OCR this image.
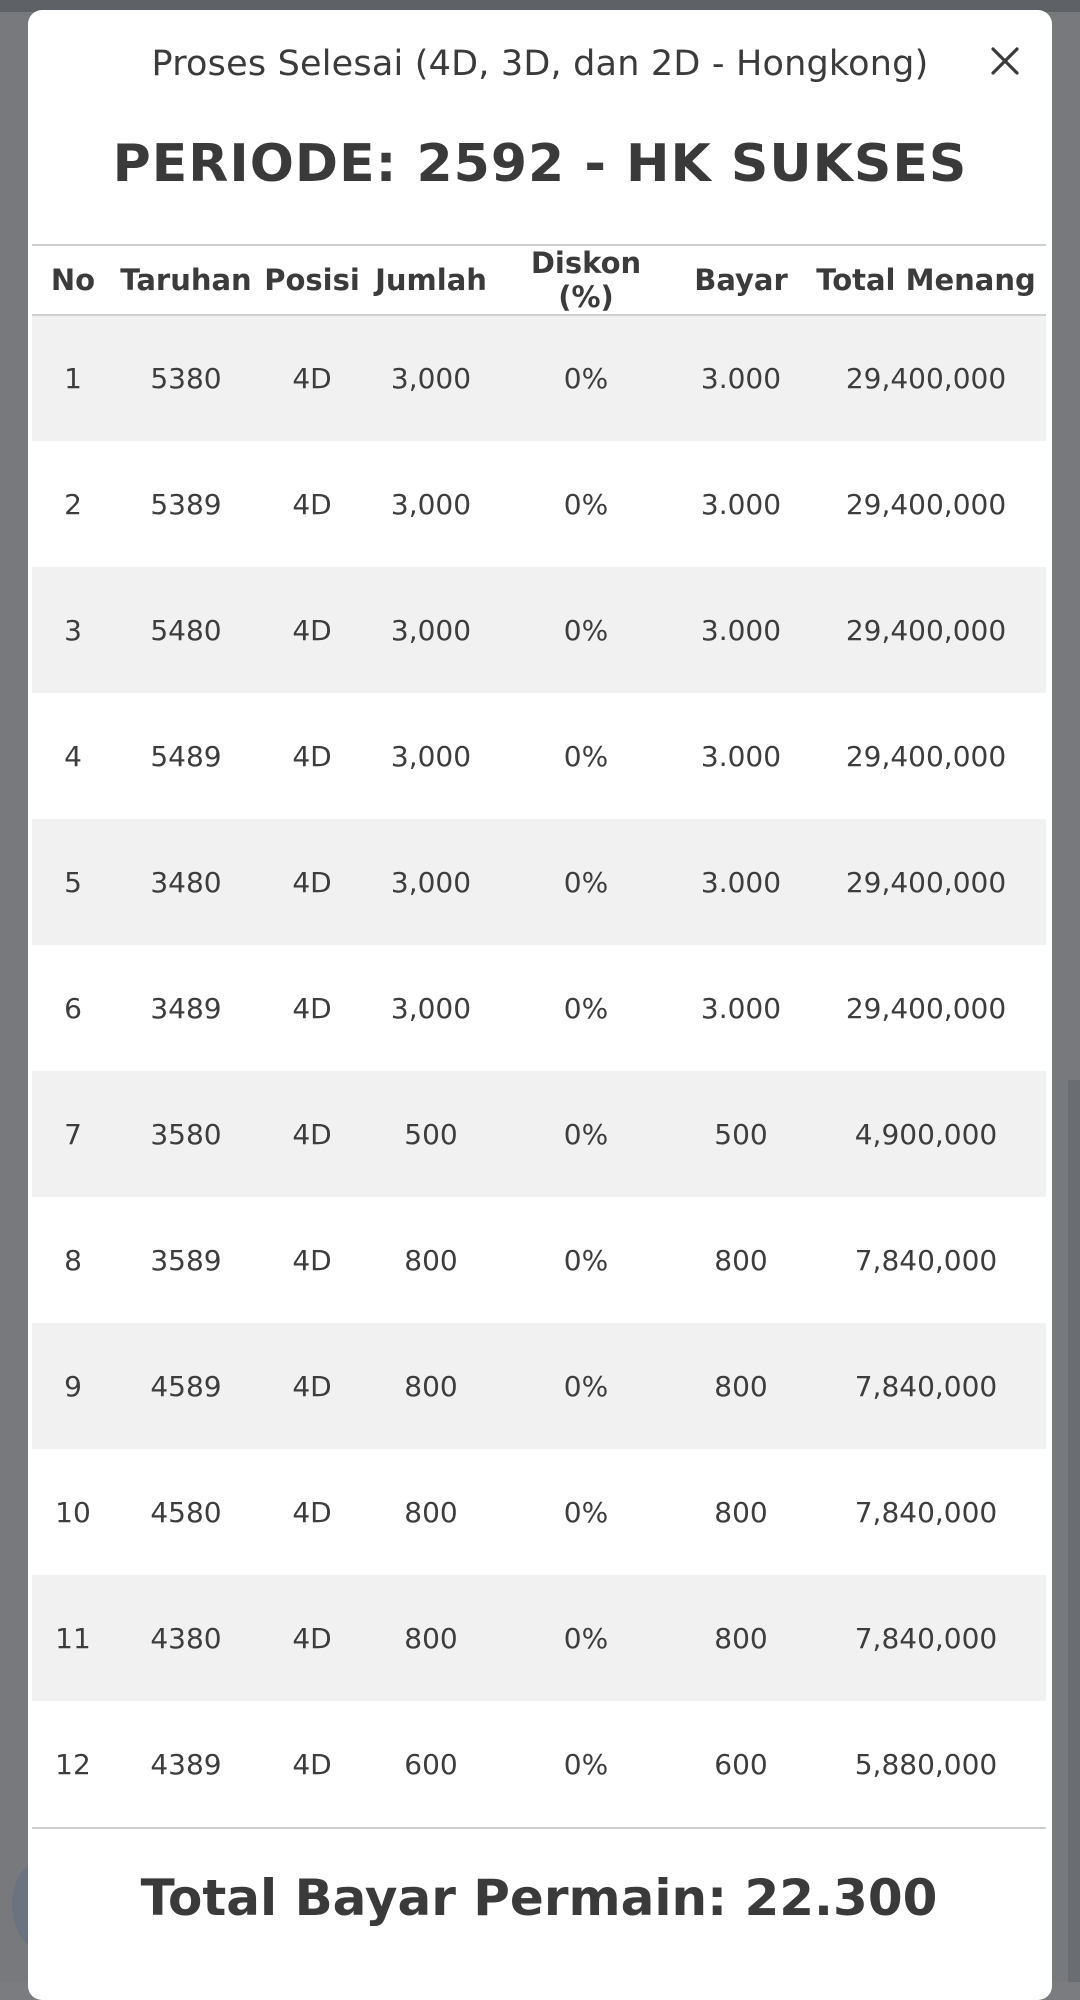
Proses Selesai (4D, 3D, dan 2D - Hongkong)
PERIODE: 2592 - HK SUKSES
No	Taruhan	Posisi	Jumlah	Diskon (%)	Bayar	Total Menang
1	5380	4D	3,000	0%	3.000	29,400,000
2	5389	4D	3,000	0%	3.000	29,400,000
3	5480	4D	3,000	0%	3.000	29,400,000
4	5489	4D	3,000	0%	3.000	29,400,000
5	3480	4D	3,000	0%	3.000	29,400,000
6	3489	4D	3,000	0%	3.000	29,400,000
7	3580	4D	500	0%	500	4,900,000
8	3589	4D	800	0%	800	7,840,000
9	4589	4D	800	0%	800	7,840,000
10	4580	4D	800	0%	800	7,840,000
11	4380	4D	800	0%	800	7,840,000
12	4389	4D	600	0%	600	5,880,000
Total Bayar Permain: 22.300
